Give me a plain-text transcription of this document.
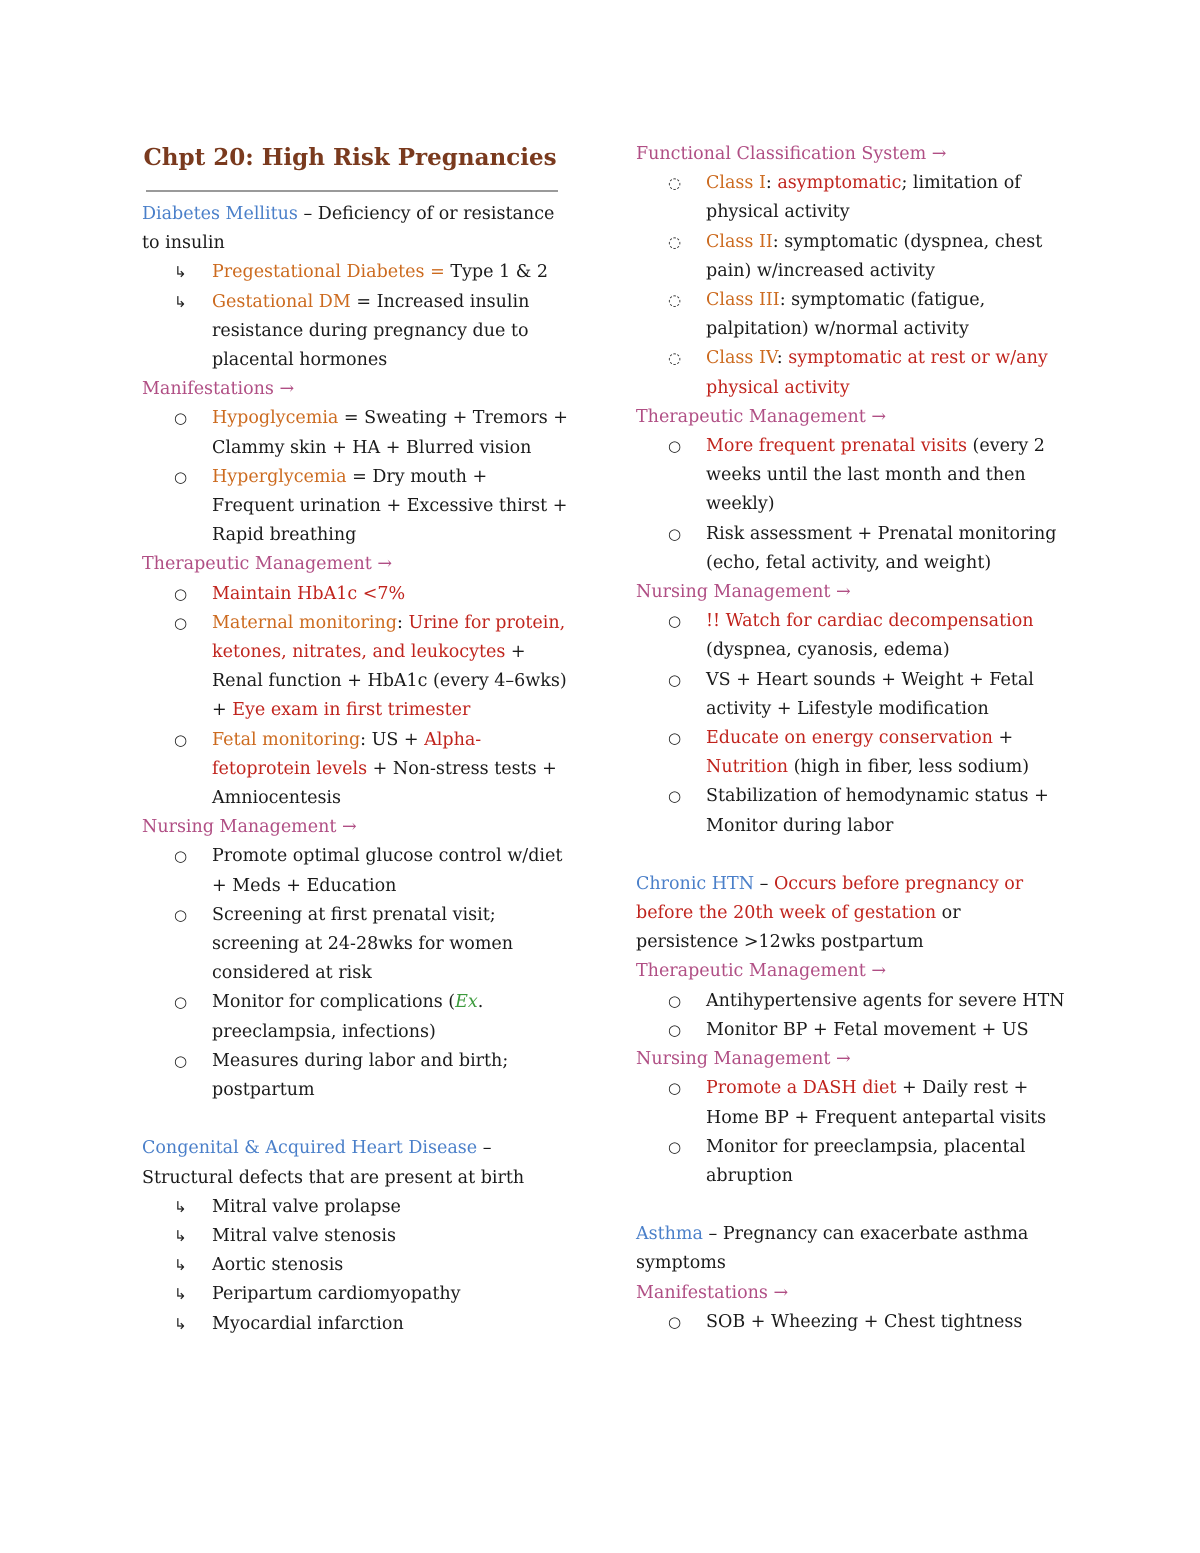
Chpt 20: High Risk Pregnancies

Diabetes Mellitus – Deficiency of or resistance to insulin

↳ Pregestational Diabetes = Type 1 & 2
↳ Gestational DM = Increased insulin resistance during pregnancy due to placental hormones

Manifestations →

○ Hypoglycemia = Sweating + Tremors + Clammy skin + HA + Blurred vision
○ Hyperglycemia = Dry mouth + Frequent urination + Excessive thirst + Rapid breathing

Therapeutic Management →

○ Maintain HbA1c <7%
○ Maternal monitoring: Urine for protein, ketones, nitrates, and leukocytes + Renal function + HbA1c (every 4–6wks) + Eye exam in first trimester
○ Fetal monitoring: US + Alpha-fetoprotein levels + Non-stress tests + Amniocentesis

Nursing Management →

○ Promote optimal glucose control w/diet + Meds + Education
○ Screening at first prenatal visit; screening at 24-28wks for women considered at risk
○ Monitor for complications (Ex. preeclampsia, infections)
○ Measures during labor and birth; postpartum

Congenital & Acquired Heart Disease – Structural defects that are present at birth

↳ Mitral valve prolapse
↳ Mitral valve stenosis
↳ Aortic stenosis
↳ Peripartum cardiomyopathy
↳ Myocardial infarction

Functional Classification System →

◌ Class I: asymptomatic; limitation of physical activity
◌ Class II: symptomatic (dyspnea, chest pain) w/increased activity
◌ Class III: symptomatic (fatigue, palpitation) w/normal activity
◌ Class IV: symptomatic at rest or w/any physical activity

Therapeutic Management →

○ More frequent prenatal visits (every 2 weeks until the last month and then weekly)
○ Risk assessment + Prenatal monitoring (echo, fetal activity, and weight)

Nursing Management →

○ !! Watch for cardiac decompensation (dyspnea, cyanosis, edema)
○ VS + Heart sounds + Weight + Fetal activity + Lifestyle modification
○ Educate on energy conservation + Nutrition (high in fiber, less sodium)
○ Stabilization of hemodynamic status + Monitor during labor

Chronic HTN – Occurs before pregnancy or before the 20th week of gestation or persistence >12wks postpartum

Therapeutic Management →

○ Antihypertensive agents for severe HTN
○ Monitor BP + Fetal movement + US

Nursing Management →

○ Promote a DASH diet + Daily rest + Home BP + Frequent antepartal visits
○ Monitor for preeclampsia, placental abruption

Asthma – Pregnancy can exacerbate asthma symptoms

Manifestations →

○ SOB + Wheezing + Chest tightness
